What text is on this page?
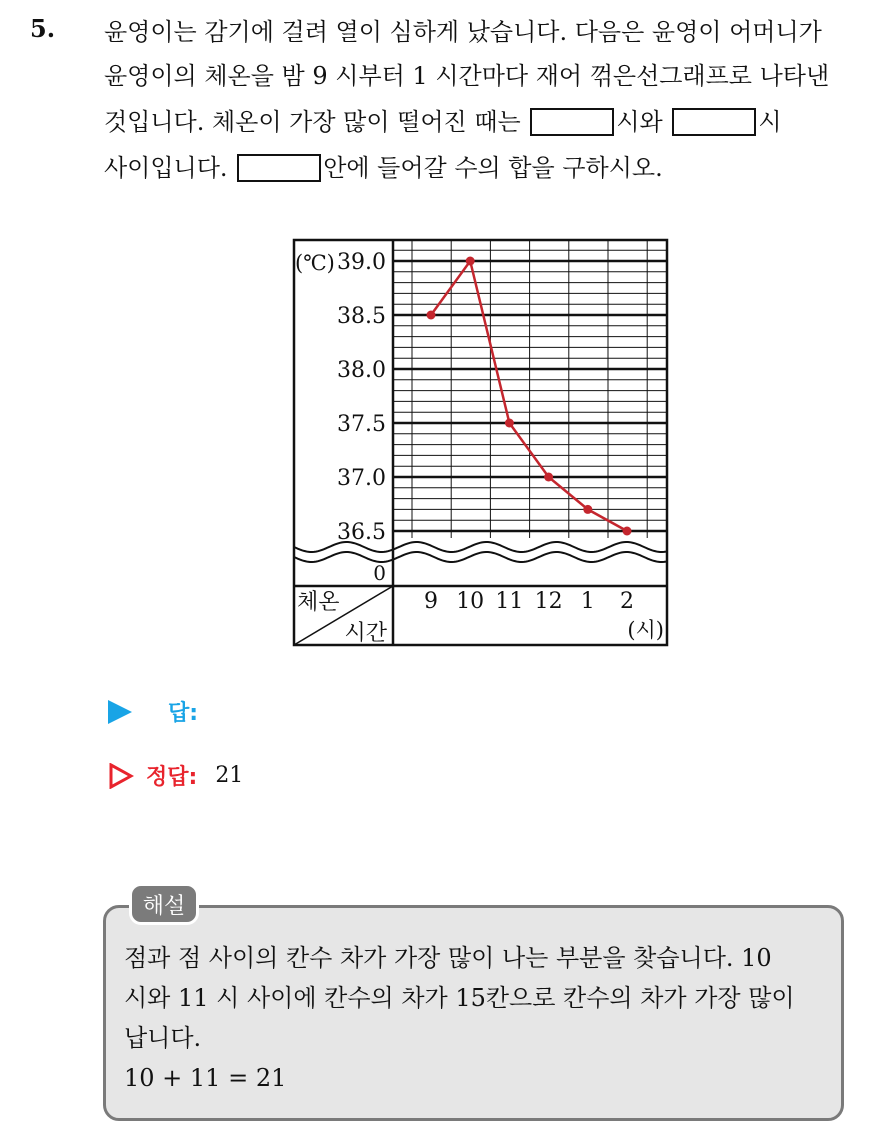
5. 윤영이는 감기에 걸려 열이 심하게 났습니다. 다음은 윤영이 어머니가
윤영이의 체온을 밤 9 시부터 1 시간마다 재어 꺾은선그래프로 나타낸
것입니다. 체온이 가장 많이 떨어진 때는	시와	시
사이입니다.	안에 들어갈 수의 합을 구하시오.
(℃) 39.0
38.5
38.0
37.5
37.0
36.5
0
9 10 11 12 1 2
(시)
체온
시간
답:
정답: 21
해설
점과 점 사이의 칸수 차가 가장 많이 나는 부분을 찾습니다. 10
시와 11 시 사이에 칸수의 차가 15칸으로 칸수의 차가 가장 많이
납니다.
10 + 11 = 21
